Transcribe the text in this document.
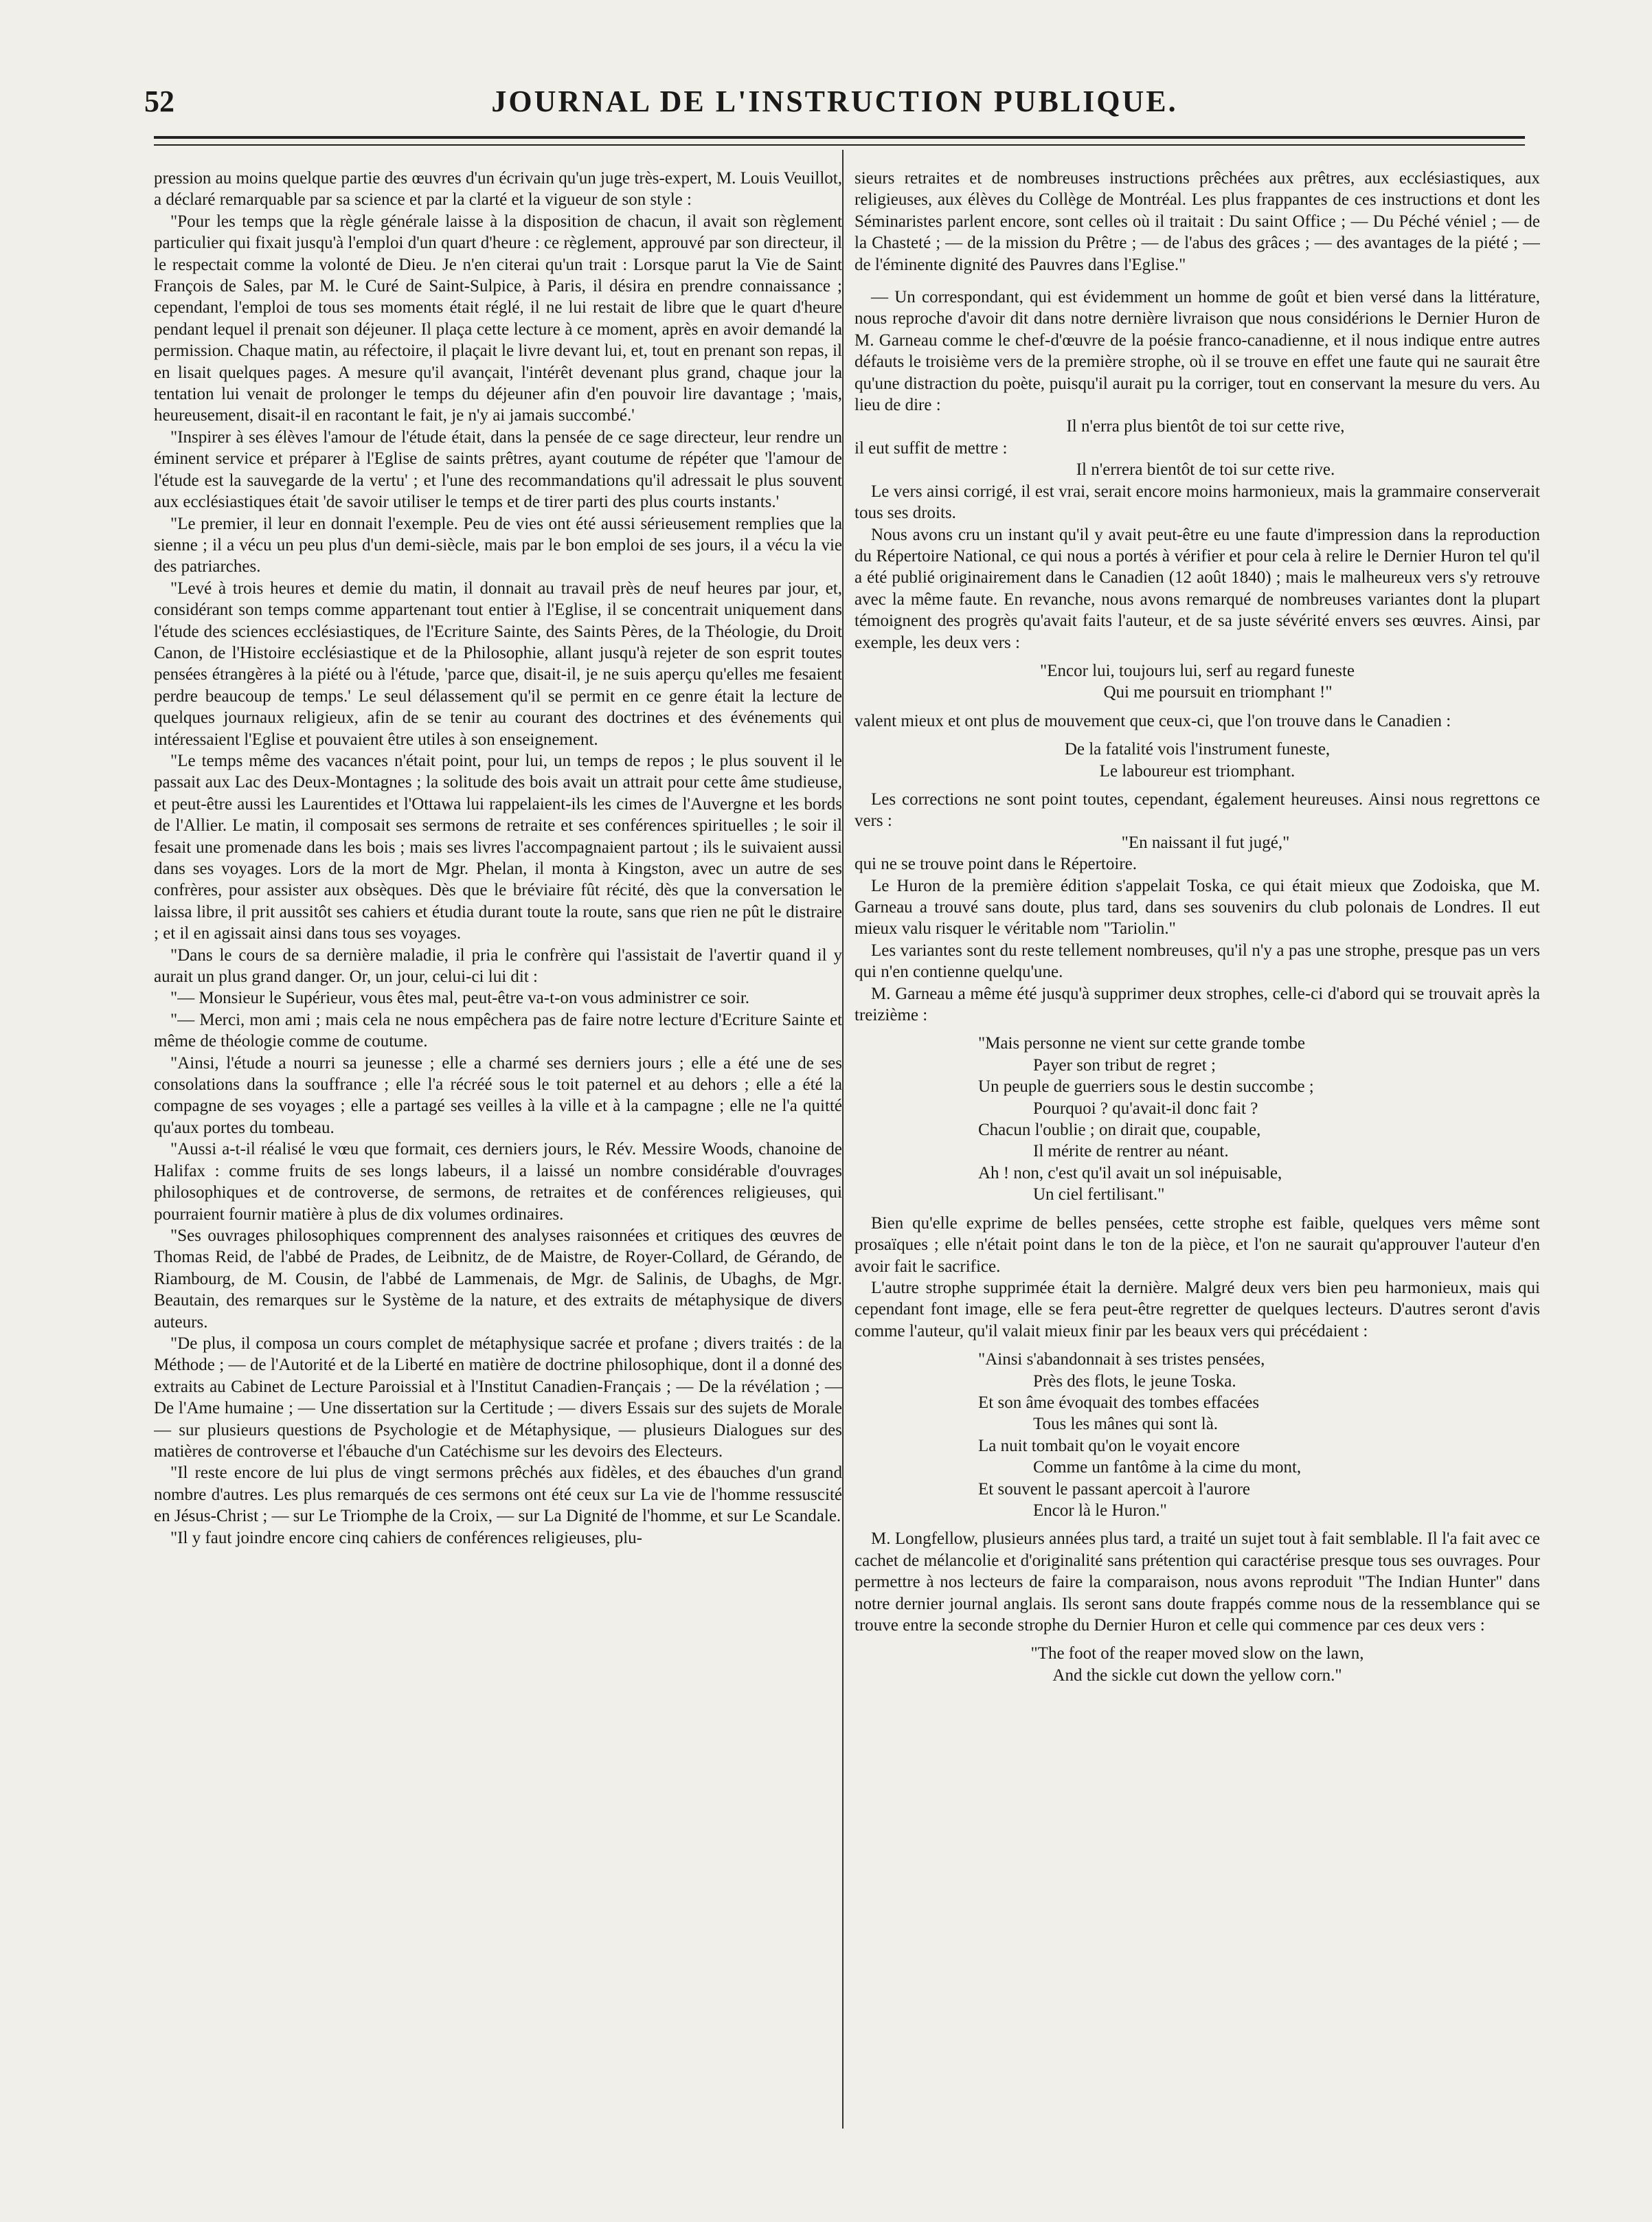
52	JOURNAL DE L'INSTRUCTION PUBLIQUE.

pression au moins quelque partie des œuvres d'un écrivain qu'un juge très-expert, M. Louis Veuillot, a déclaré remarquable par sa science et par la clarté et la vigueur de son style :

"Pour les temps que la règle générale laisse à la disposition de chacun, il avait son règlement particulier qui fixait jusqu'à l'emploi d'un quart d'heure : ce règlement, approuvé par son directeur, il le respectait comme la volonté de Dieu. Je n'en citerai qu'un trait : Lorsque parut la Vie de Saint François de Sales, par M. le Curé de Saint-Sulpice, à Paris, il désira en prendre connaissance ; cependant, l'emploi de tous ses moments était réglé, il ne lui restait de libre que le quart d'heure pendant lequel il prenait son déjeuner. Il plaça cette lecture à ce moment, après en avoir demandé la permission. Chaque matin, au réfectoire, il plaçait le livre devant lui, et, tout en prenant son repas, il en lisait quelques pages. A mesure qu'il avançait, l'intérêt devenant plus grand, chaque jour la tentation lui venait de prolonger le temps du déjeuner afin d'en pouvoir lire davantage ; 'mais, heureusement, disait-il en racontant le fait, je n'y ai jamais succombé.'

"Inspirer à ses élèves l'amour de l'étude était, dans la pensée de ce sage directeur, leur rendre un éminent service et préparer à l'Eglise de saints prêtres, ayant coutume de répéter que 'l'amour de l'étude est la sauvegarde de la vertu' ; et l'une des recommandations qu'il adressait le plus souvent aux ecclésiastiques était 'de savoir utiliser le temps et de tirer parti des plus courts instants.'

"Le premier, il leur en donnait l'exemple. Peu de vies ont été aussi sérieusement remplies que la sienne ; il a vécu un peu plus d'un demi-siècle, mais par le bon emploi de ses jours, il a vécu la vie des patriarches.

"Levé à trois heures et demie du matin, il donnait au travail près de neuf heures par jour, et, considérant son temps comme appartenant tout entier à l'Eglise, il se concentrait uniquement dans l'étude des sciences ecclésiastiques, de l'Ecriture Sainte, des Saints Pères, de la Théologie, du Droit Canon, de l'Histoire ecclésiastique et de la Philosophie, allant jusqu'à rejeter de son esprit toutes pensées étrangères à la piété ou à l'étude, 'parce que, disait-il, je ne suis aperçu qu'elles me fesaient perdre beaucoup de temps.' Le seul délassement qu'il se permit en ce genre était la lecture de quelques journaux religieux, afin de se tenir au courant des doctrines et des événements qui intéressaient l'Eglise et pouvaient être utiles à son enseignement.

"Le temps même des vacances n'était point, pour lui, un temps de repos ; le plus souvent il le passait aux Lac des Deux-Montagnes ; la solitude des bois avait un attrait pour cette âme studieuse, et peut-être aussi les Laurentides et l'Ottawa lui rappelaient-ils les cimes de l'Auvergne et les bords de l'Allier. Le matin, il composait ses sermons de retraite et ses conférences spirituelles ; le soir il fesait une promenade dans les bois ; mais ses livres l'accompagnaient partout ; ils le suivaient aussi dans ses voyages. Lors de la mort de Mgr. Phelan, il monta à Kingston, avec un autre de ses confrères, pour assister aux obsèques. Dès que le bréviaire fût récité, dès que la conversation le laissa libre, il prit aussitôt ses cahiers et étudia durant toute la route, sans que rien ne pût le distraire ; et il en agissait ainsi dans tous ses voyages.

"Dans le cours de sa dernière maladie, il pria le confrère qui l'assistait de l'avertir quand il y aurait un plus grand danger. Or, un jour, celui-ci lui dit :

"— Monsieur le Supérieur, vous êtes mal, peut-être va-t-on vous administrer ce soir.

"— Merci, mon ami ; mais cela ne nous empêchera pas de faire notre lecture d'Ecriture Sainte et même de théologie comme de coutume.

"Ainsi, l'étude a nourri sa jeunesse ; elle a charmé ses derniers jours ; elle a été une de ses consolations dans la souffrance ; elle l'a récréé sous le toit paternel et au dehors ; elle a été la compagne de ses voyages ; elle a partagé ses veilles à la ville et à la campagne ; elle ne l'a quitté qu'aux portes du tombeau.

"Aussi a-t-il réalisé le vœu que formait, ces derniers jours, le Rév. Messire Woods, chanoine de Halifax : comme fruits de ses longs labeurs, il a laissé un nombre considérable d'ouvrages philosophiques et de controverse, de sermons, de retraites et de conférences religieuses, qui pourraient fournir matière à plus de dix volumes ordinaires.

"Ses ouvrages philosophiques comprennent des analyses raisonnées et critiques des œuvres de Thomas Reid, de l'abbé de Prades, de Leibnitz, de de Maistre, de Royer-Collard, de Gérando, de Riambourg, de M. Cousin, de l'abbé de Lammenais, de Mgr. de Salinis, de Ubaghs, de Mgr. Beautain, des remarques sur le Système de la nature, et des extraits de métaphysique de divers auteurs.

"De plus, il composa un cours complet de métaphysique sacrée et profane ; divers traités : de la Méthode ; — de l'Autorité et de la Liberté en matière de doctrine philosophique, dont il a donné des extraits au Cabinet de Lecture Paroissial et à l'Institut Canadien-Français ; — De la révélation ; — De l'Ame humaine ; — Une dissertation sur la Certitude ; — divers Essais sur des sujets de Morale — sur plusieurs questions de Psychologie et de Métaphysique, — plusieurs Dialogues sur des matières de controverse et l'ébauche d'un Catéchisme sur les devoirs des Electeurs.

"Il reste encore de lui plus de vingt sermons prêchés aux fidèles, et des ébauches d'un grand nombre d'autres. Les plus remarqués de ces sermons ont été ceux sur La vie de l'homme ressuscité en Jésus-Christ ; — sur Le Triomphe de la Croix, — sur La Dignité de l'homme, et sur Le Scandale.

"Il y faut joindre encore cinq cahiers de conférences religieuses, plu-

sieurs retraites et de nombreuses instructions prêchées aux prêtres, aux ecclésiastiques, aux religieuses, aux élèves du Collège de Montréal. Les plus frappantes de ces instructions et dont les Séminaristes parlent encore, sont celles où il traitait : Du saint Office ; — Du Péché véniel ; — de la Chasteté ; — de la mission du Prêtre ; — de l'abus des grâces ; — des avantages de la piété ; — de l'éminente dignité des Pauvres dans l'Eglise."

— Un correspondant, qui est évidemment un homme de goût et bien versé dans la littérature, nous reproche d'avoir dit dans notre dernière livraison que nous considérions le Dernier Huron de M. Garneau comme le chef-d'œuvre de la poésie franco-canadienne, et il nous indique entre autres défauts le troisième vers de la première strophe, où il se trouve en effet une faute qui ne saurait être qu'une distraction du poète, puisqu'il aurait pu la corriger, tout en conservant la mesure du vers. Au lieu de dire :

Il n'erra plus bientôt de toi sur cette rive,

il eut suffit de mettre :

Il n'errera bientôt de toi sur cette rive.

Le vers ainsi corrigé, il est vrai, serait encore moins harmonieux, mais la grammaire conserverait tous ses droits.

Nous avons cru un instant qu'il y avait peut-être eu une faute d'impression dans la reproduction du Répertoire National, ce qui nous a portés à vérifier et pour cela à relire le Dernier Huron tel qu'il a été publié originairement dans le Canadien (12 août 1840) ; mais le malheureux vers s'y retrouve avec la même faute. En revanche, nous avons remarqué de nombreuses variantes dont la plupart témoignent des progrès qu'avait faits l'auteur, et de sa juste sévérité envers ses œuvres. Ainsi, par exemple, les deux vers :

"Encor lui, toujours lui, serf au regard funeste
Qui me poursuit en triomphant !"

valent mieux et ont plus de mouvement que ceux-ci, que l'on trouve dans le Canadien :

De la fatalité vois l'instrument funeste,
Le laboureur est triomphant.

Les corrections ne sont point toutes, cependant, également heureuses. Ainsi nous regrettons ce vers :

"En naissant il fut jugé,"

qui ne se trouve point dans le Répertoire.

Le Huron de la première édition s'appelait Toska, ce qui était mieux que Zodoiska, que M. Garneau a trouvé sans doute, plus tard, dans ses souvenirs du club polonais de Londres. Il eut mieux valu risquer le véritable nom "Tariolin."

Les variantes sont du reste tellement nombreuses, qu'il n'y a pas une strophe, presque pas un vers qui n'en contienne quelqu'une.

M. Garneau a même été jusqu'à supprimer deux strophes, celle-ci d'abord qui se trouvait après la treizième :

"Mais personne ne vient sur cette grande tombe
Payer son tribut de regret ;
Un peuple de guerriers sous le destin succombe ;
Pourquoi ? qu'avait-il donc fait ?
Chacun l'oublie ; on dirait que, coupable,
Il mérite de rentrer au néant.
Ah ! non, c'est qu'il avait un sol inépuisable,
Un ciel fertilisant."

Bien qu'elle exprime de belles pensées, cette strophe est faible, quelques vers même sont prosaïques ; elle n'était point dans le ton de la pièce, et l'on ne saurait qu'approuver l'auteur d'en avoir fait le sacrifice.

L'autre strophe supprimée était la dernière. Malgré deux vers bien peu harmonieux, mais qui cependant font image, elle se fera peut-être regretter de quelques lecteurs. D'autres seront d'avis comme l'auteur, qu'il valait mieux finir par les beaux vers qui précédaient :

"Ainsi s'abandonnait à ses tristes pensées,
Près des flots, le jeune Toska.
Et son âme évoquait des tombes effacées
Tous les mânes qui sont là.
La nuit tombait qu'on le voyait encore
Comme un fantôme à la cime du mont,
Et souvent le passant apercoit à l'aurore
Encor là le Huron."

M. Longfellow, plusieurs années plus tard, a traité un sujet tout à fait semblable. Il l'a fait avec ce cachet de mélancolie et d'originalité sans prétention qui caractérise presque tous ses ouvrages. Pour permettre à nos lecteurs de faire la comparaison, nous avons reproduit "The Indian Hunter" dans notre dernier journal anglais. Ils seront sans doute frappés comme nous de la ressemblance qui se trouve entre la seconde strophe du Dernier Huron et celle qui commence par ces deux vers :

"The foot of the reaper moved slow on the lawn,
And the sickle cut down the yellow corn."
